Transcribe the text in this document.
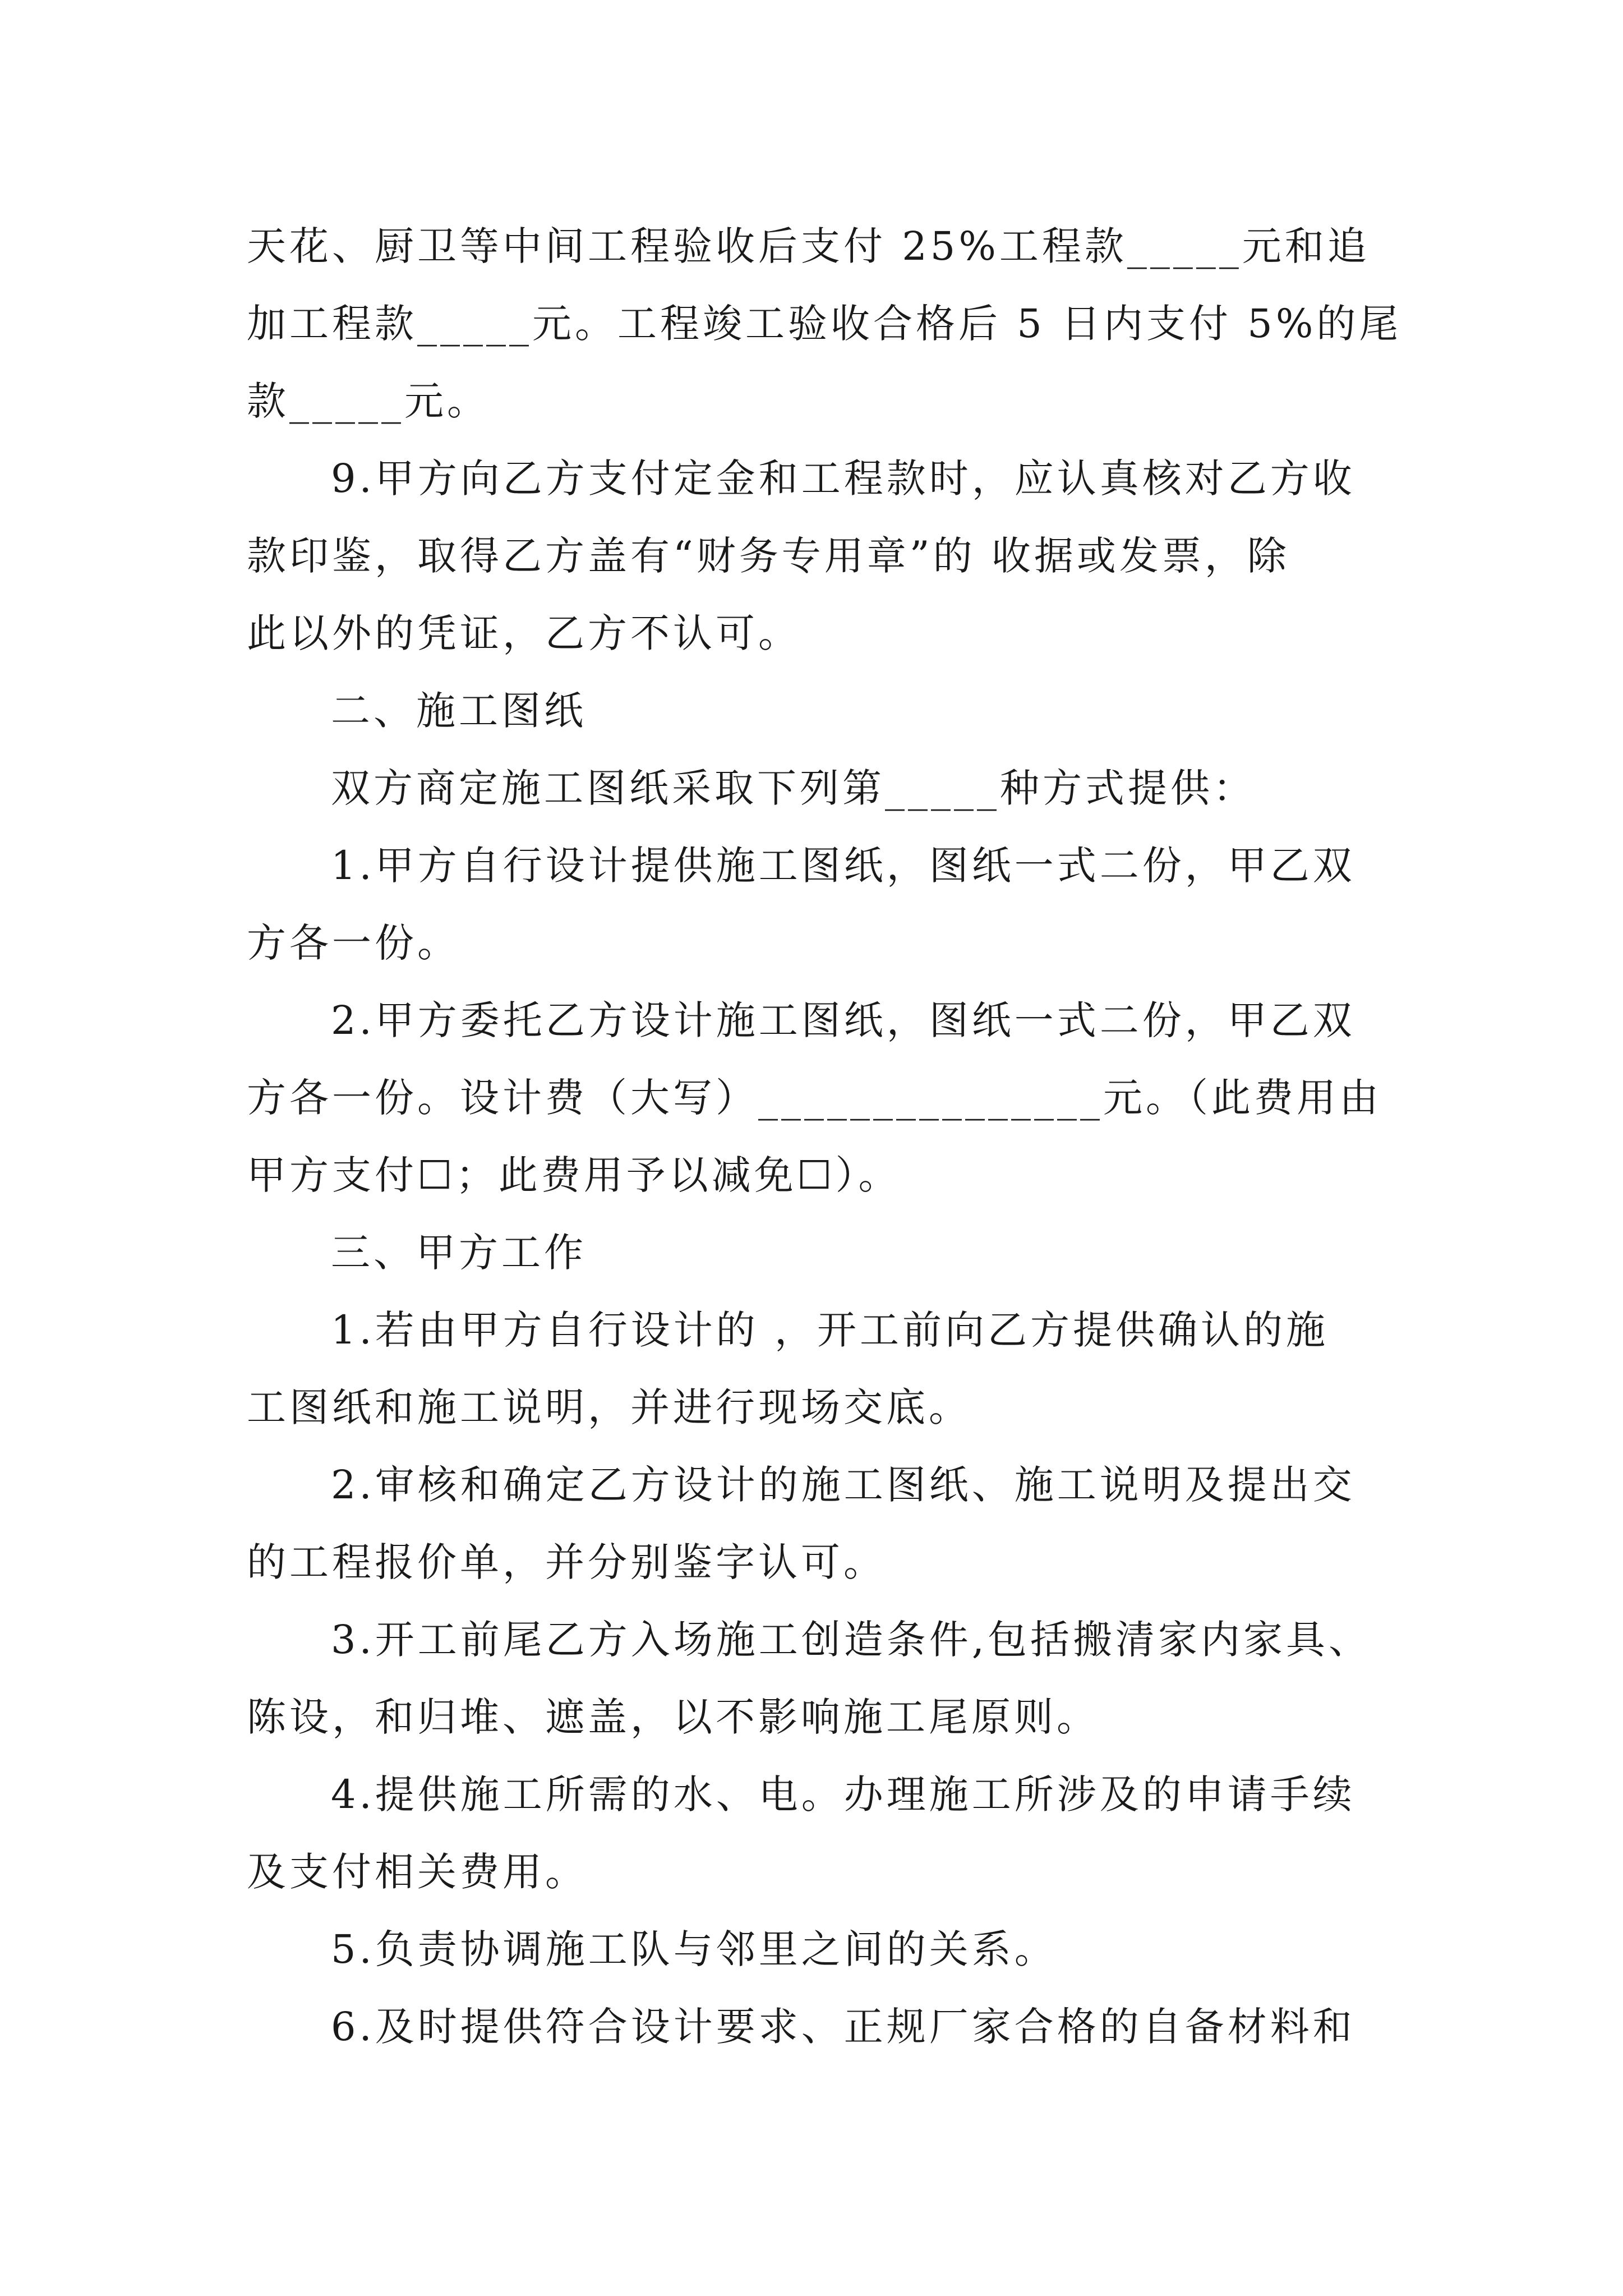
天花、厨卫等中间工程验收后支付 25%工程款_____元和追
加工程款_____元。工程竣工验收合格后 5 日内支付 5%的尾
款_____元。
9.甲方向乙方支付定金和工程款时，应认真核对乙方收
款印鉴，取得乙方盖有“财务专用章”的 收据或发票，除
此以外的凭证，乙方不认可。
二、施工图纸
双方商定施工图纸采取下列第_____种方式提供：
1.甲方自行设计提供施工图纸，图纸一式二份，甲乙双
方各一份。
2.甲方委托乙方设计施工图纸，图纸一式二份，甲乙双
方各一份。设计费（大写）_______________元。（此费用由
甲方支付☐；此费用予以减免☐）。
三、甲方工作
1.若由甲方自行设计的 ，开工前向乙方提供确认的施
工图纸和施工说明，并进行现场交底。
2.审核和确定乙方设计的施工图纸、施工说明及提出交
的工程报价单，并分别鉴字认可。
3.开工前尾乙方入场施工创造条件,包括搬清家内家具、
陈设，和归堆、遮盖，以不影响施工尾原则。
4.提供施工所需的水、电。办理施工所涉及的申请手续
及支付相关费用。
5.负责协调施工队与邻里之间的关系。
6.及时提供符合设计要求、正规厂家合格的自备材料和
